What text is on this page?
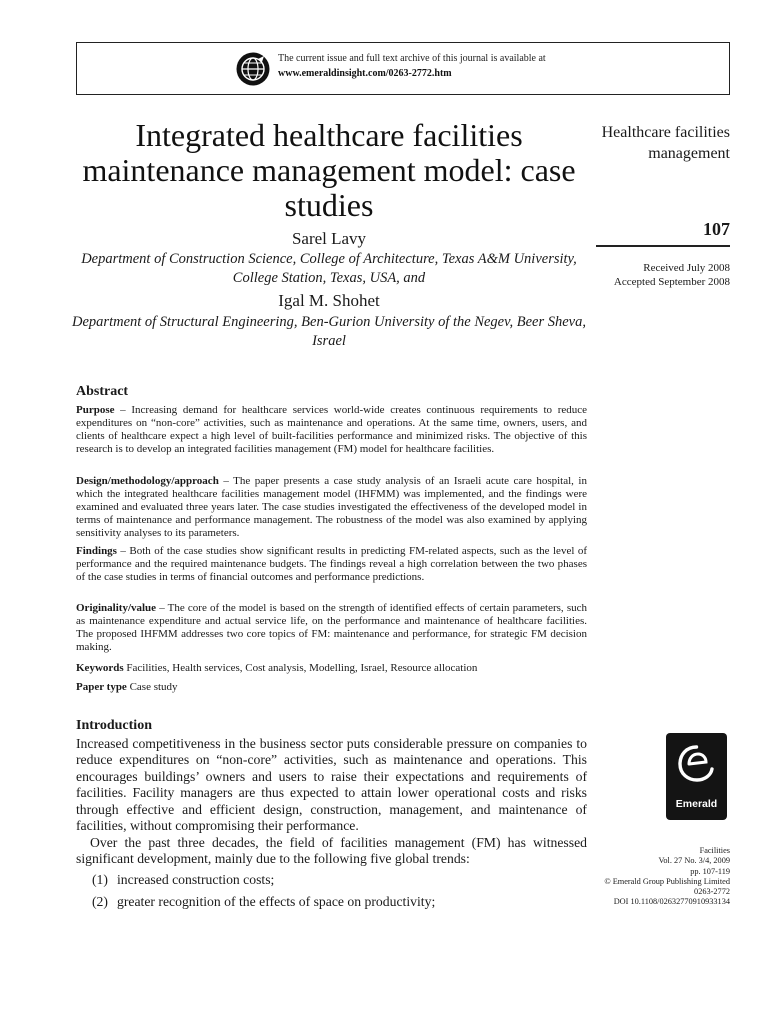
The current issue and full text archive of this journal is available at
www.emeraldinsight.com/0263-2772.htm
Integrated healthcare facilities maintenance management model: case studies
Sarel Lavy
Department of Construction Science, College of Architecture, Texas A&M University, College Station, Texas, USA, and
Igal M. Shohet
Department of Structural Engineering, Ben-Gurion University of the Negev, Beer Sheva, Israel
Healthcare facilities management
107
Received July 2008
Accepted September 2008
Abstract
Purpose – Increasing demand for healthcare services world-wide creates continuous requirements to reduce expenditures on “non-core” activities, such as maintenance and operations. At the same time, owners, users, and clients of healthcare expect a high level of built-facilities performance and minimized risks. The objective of this research is to develop an integrated facilities management (FM) model for healthcare facilities.
Design/methodology/approach – The paper presents a case study analysis of an Israeli acute care hospital, in which the integrated healthcare facilities management model (IHFMM) was implemented, and the findings were examined and evaluated three years later. The case studies investigated the effectiveness of the developed model in terms of maintenance and performance management. The robustness of the model was also examined by applying sensitivity analyses to its parameters.
Findings – Both of the case studies show significant results in predicting FM-related aspects, such as the level of performance and the required maintenance budgets. The findings reveal a high correlation between the two phases of the case studies in terms of financial outcomes and performance predictions.
Originality/value – The core of the model is based on the strength of identified effects of certain parameters, such as maintenance expenditure and actual service life, on the performance and maintenance of healthcare facilities. The proposed IHFMM addresses two core topics of FM: maintenance and performance, for strategic FM decision making.
Keywords Facilities, Health services, Cost analysis, Modelling, Israel, Resource allocation
Paper type Case study
Introduction
Increased competitiveness in the business sector puts considerable pressure on companies to reduce expenditures on “non-core” activities, such as maintenance and operations. This encourages buildings’ owners and users to raise their expectations and requirements of facilities. Facility managers are thus expected to attain lower operational costs and risks through effective and efficient design, construction, management, and maintenance of facilities, without compromising their performance.
Over the past three decades, the field of facilities management (FM) has witnessed significant development, mainly due to the following five global trends:
(1) increased construction costs;
(2) greater recognition of the effects of space on productivity;
Emerald
Facilities
Vol. 27 No. 3/4, 2009
pp. 107-119
© Emerald Group Publishing Limited
0263-2772
DOI 10.1108/02632770910933134
